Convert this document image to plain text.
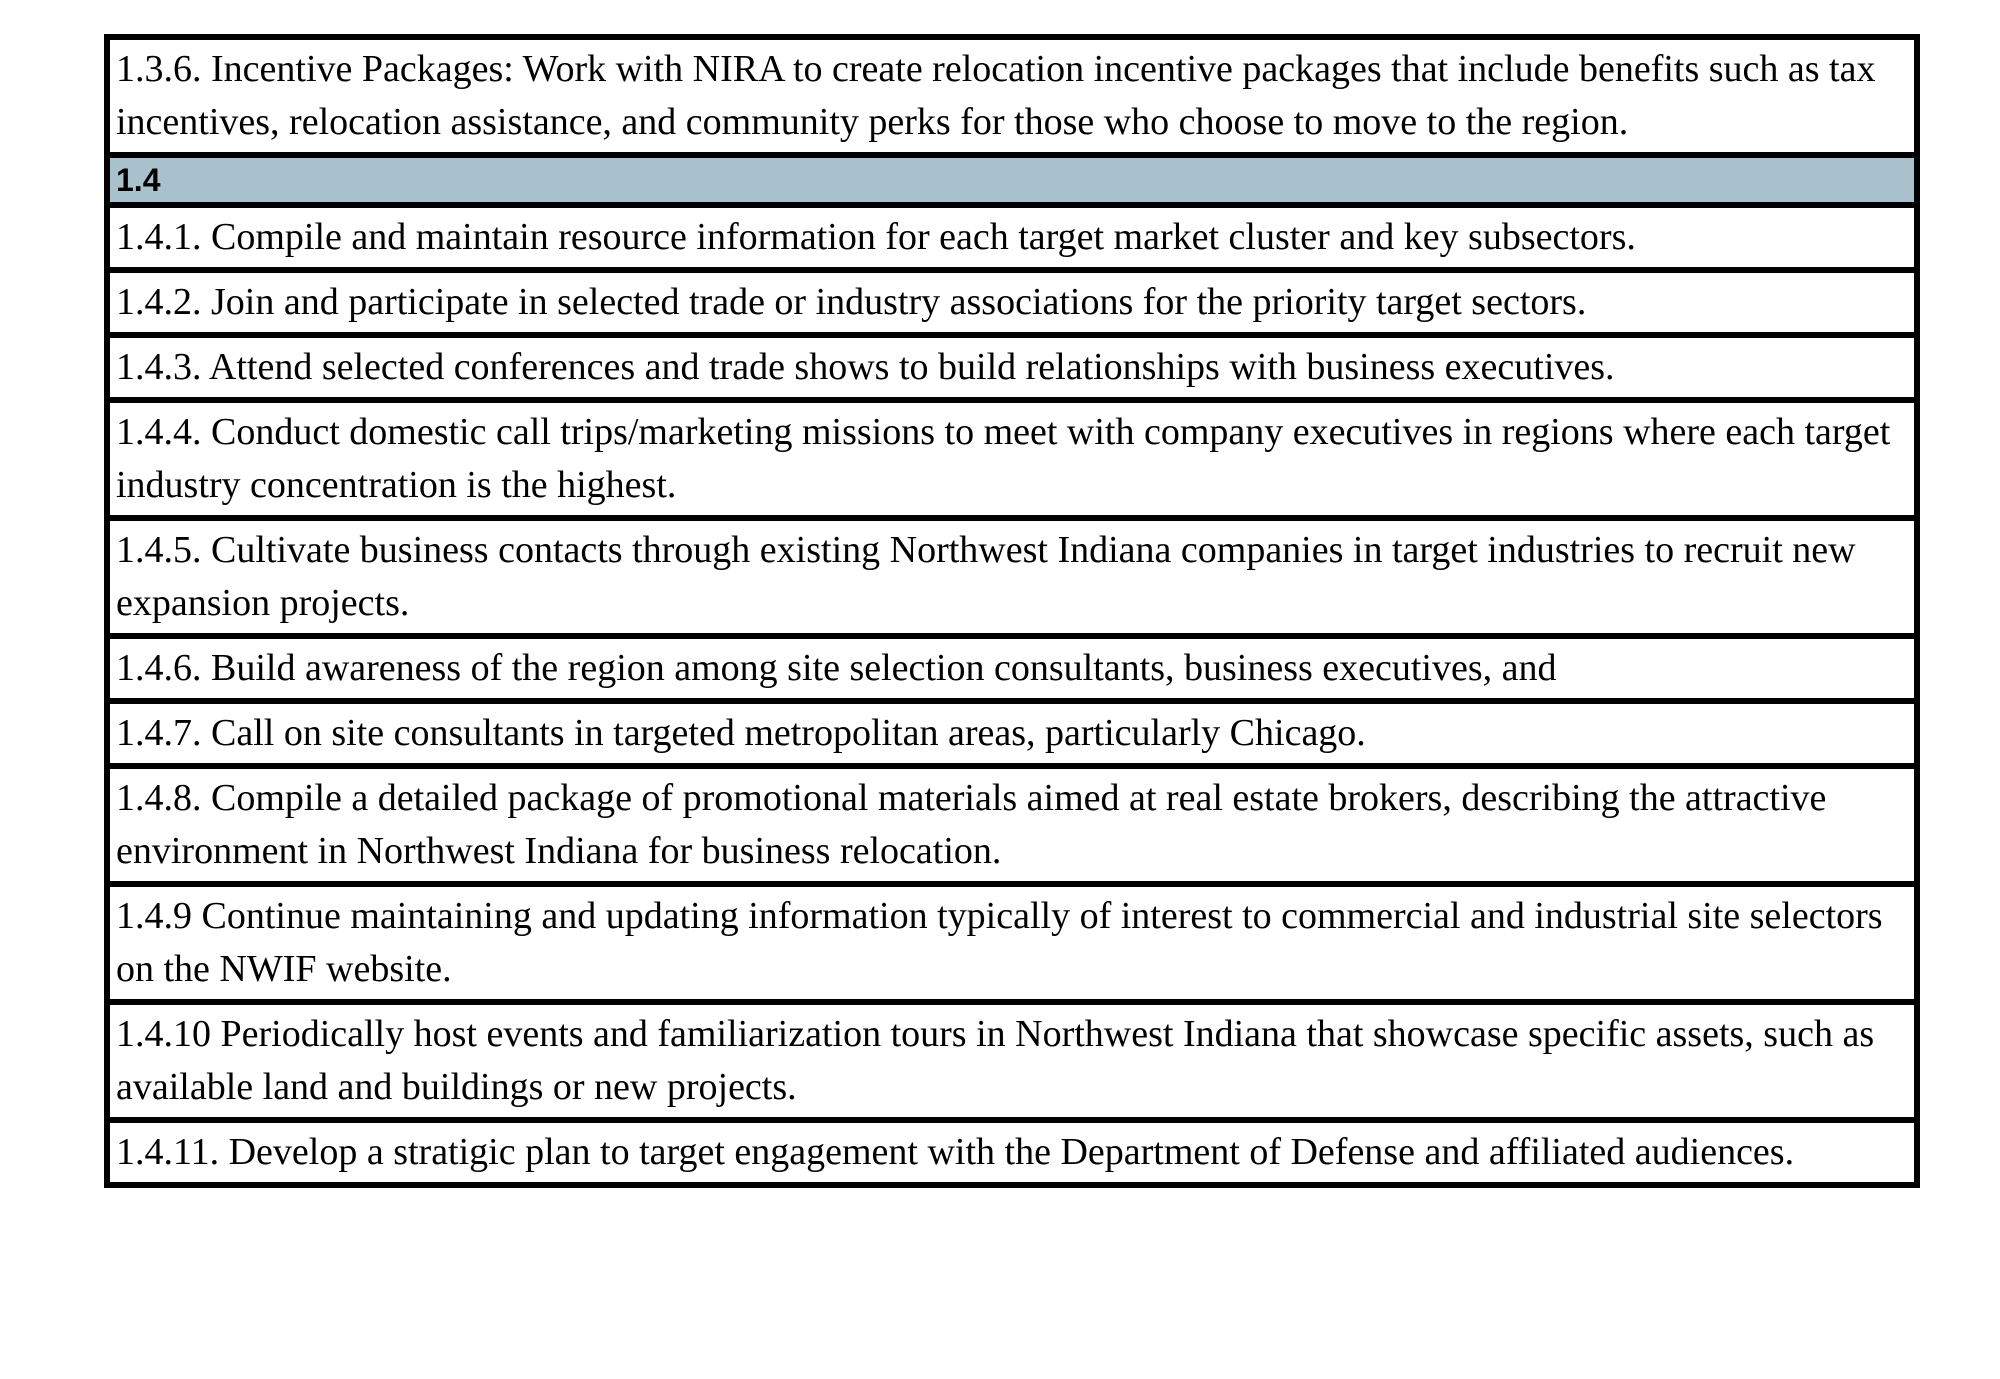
1.3.6. Incentive Packages: Work with NIRA to create relocation incentive packages that include benefits such as tax incentives, relocation assistance, and community perks for those who choose to move to the region.
1.4
1.4.1. Compile and maintain resource information for each target market cluster and key subsectors.
1.4.2. Join and participate in selected trade or industry associations for the priority target sectors.
1.4.3. Attend selected conferences and trade shows to build relationships with business executives.
1.4.4. Conduct domestic call trips/marketing missions to meet with company executives in regions where each target industry concentration is the highest.
1.4.5. Cultivate business contacts through existing Northwest Indiana companies in target industries to recruit new expansion projects.
1.4.6. Build awareness of the region among site selection consultants, business executives, and
1.4.7. Call on site consultants in targeted metropolitan areas, particularly Chicago.
1.4.8. Compile a detailed package of promotional materials aimed at real estate brokers, describing the attractive environment in Northwest Indiana for business relocation.
1.4.9 Continue maintaining and updating information typically of interest to commercial and industrial site selectors on the NWIF website.
1.4.10 Periodically host events and familiarization tours in Northwest Indiana that showcase specific assets, such as available land and buildings or new projects.
1.4.11. Develop a stratigic plan to target engagement with the Department of Defense and affiliated audiences.
